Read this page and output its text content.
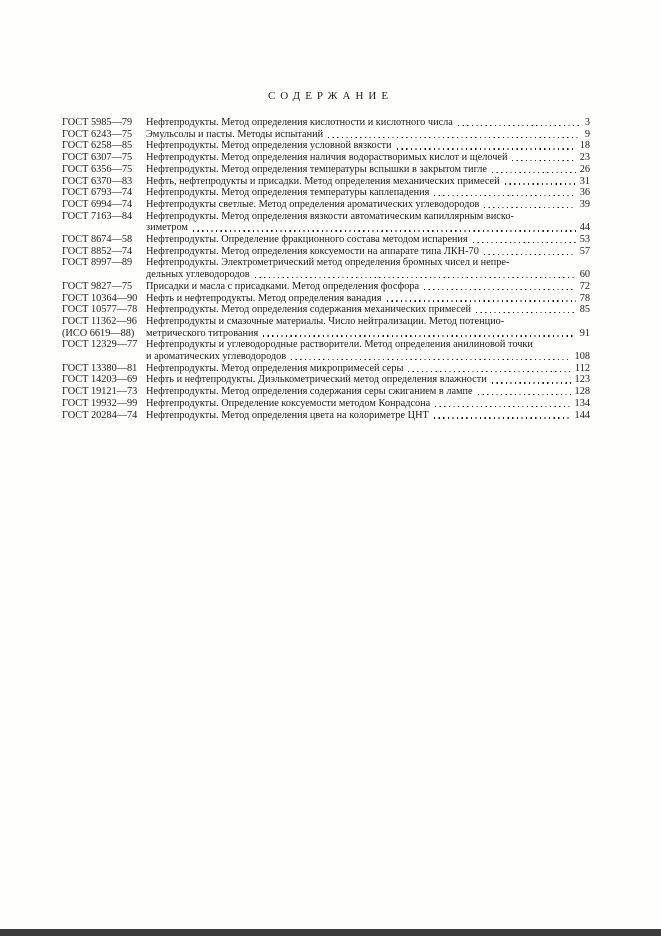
СОДЕРЖАНИЕ
ГОСТ 5985—79	Нефтепродукты. Метод определения кислотности и кислотного числа	3
ГОСТ 6243—75	Эмульсолы и пасты. Методы испытаний	9
ГОСТ 6258—85	Нефтепродукты. Метод определения условной вязкости	18
ГОСТ 6307—75	Нефтепродукты. Метод определения наличия водорастворимых кислот и щелочей	23
ГОСТ 6356—75	Нефтепродукты. Метод определения температуры вспышки в закрытом тигле	26
ГОСТ 6370—83	Нефть, нефтепродукты и присадки. Метод определения механических примесей	31
ГОСТ 6793—74	Нефтепродукты. Метод определения температуры каплепадения	36
ГОСТ 6994—74	Нефтепродукты светлые. Метод определения ароматических углеводородов	39
ГОСТ 7163—84	Нефтепродукты. Метод определения вязкости автоматическим капиллярным виско-
зиметром	44
ГОСТ 8674—58	Нефтепродукты. Определение фракционного состава методом испарения	53
ГОСТ 8852—74	Нефтепродукты. Метод определения коксуемости на аппарате типа ЛКН-70	57
ГОСТ 8997—89	Нефтепродукты. Электрометрический метод определения бромных чисел и непре-
дельных углеводородов	60
ГОСТ 9827—75	Присадки и масла с присадками. Метод определения фосфора	72
ГОСТ 10364—90 Нефть и нефтепродукты. Метод определения ванадия	78
ГОСТ 10577—78 Нефтепродукты. Метод определения содержания механических примесей	85
ГОСТ 11362—96 Нефтепродукты и смазочные материалы. Число нейтрализации. Метод потенцио-
(ИСО 6619—88)	метрического титрования	91
ГОСТ 12329—77 Нефтепродукты и углеводородные растворители. Метод определения анилиновой точки
и ароматических углеводородов	108
ГОСТ 13380—81 Нефтепродукты. Метод определения микропримесей серы	112
ГОСТ 14203—69 Нефть и нефтепродукты. Диэлькометрический метод определения влажности	123
ГОСТ 19121—73 Нефтепродукты. Метод определения содержания серы сжиганием в лампе	128
ГОСТ 19932—99 Нефтепродукты. Определение коксуемости методом Конрадсона	134
ГОСТ 20284—74 Нефтепродукты. Метод определения цвета на колориметре ЦНТ	144
